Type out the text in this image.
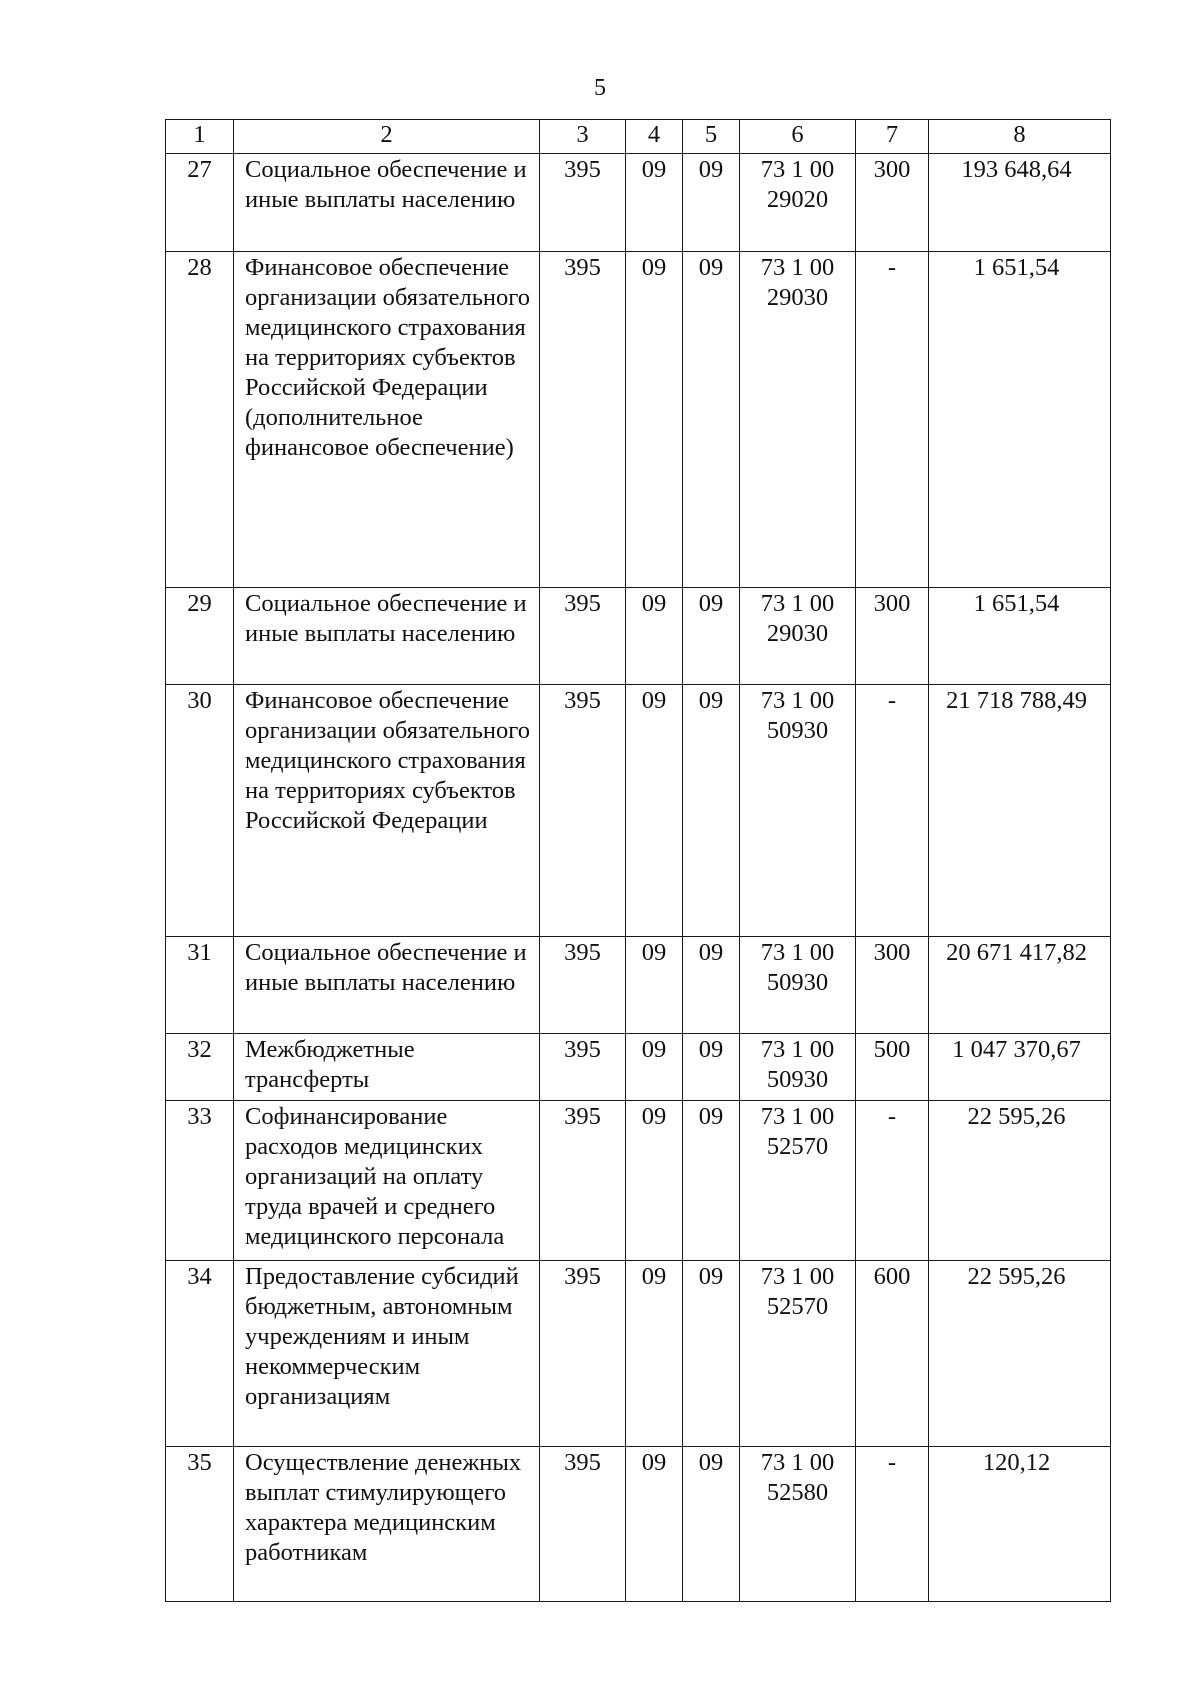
5
1	2	3	4	5	6	7	8
27	Социальное обеспечение и иные выплаты населению	395	09	09	73 1 00 29020	300	193 648,64
28	Финансовое обеспечение организации обязательного медицинского страхования на территориях субъектов Российской Федерации (дополнительное финансовое обеспечение)	395	09	09	73 1 00 29030	-	1 651,54
29	Социальное обеспечение и иные выплаты населению	395	09	09	73 1 00 29030	300	1 651,54
30	Финансовое обеспечение организации обязательного медицинского страхования на территориях субъектов Российской Федерации	395	09	09	73 1 00 50930	-	21 718 788,49
31	Социальное обеспечение и иные выплаты населению	395	09	09	73 1 00 50930	300	20 671 417,82
32	Межбюджетные трансферты	395	09	09	73 1 00 50930	500	1 047 370,67
33	Софинансирование расходов медицинских организаций на оплату труда врачей и среднего медицинского персонала	395	09	09	73 1 00 52570	-	22 595,26
34	Предоставление субсидий бюджетным, автономным учреждениям и иным некоммерческим организациям	395	09	09	73 1 00 52570	600	22 595,26
35	Осуществление денежных выплат стимулирующего характера медицинским работникам	395	09	09	73 1 00 52580	-	120,12
